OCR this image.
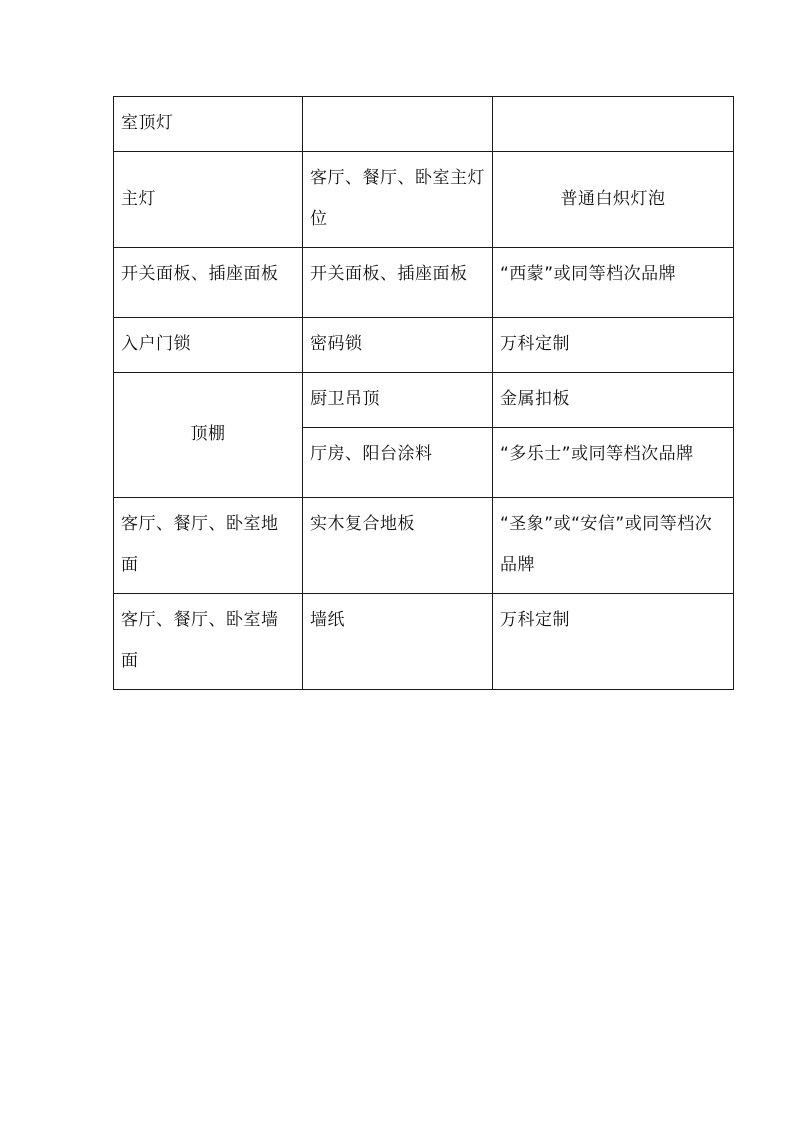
室顶灯		

主灯	客厅、餐厅、卧室主灯位	普通白炽灯泡

开关面板、插座面板	开关面板、插座面板	“西蒙”或同等档次品牌

入户门锁	密码锁	万科定制

顶棚	厨卫吊顶	金属扣板

	厅房、阳台涂料	“多乐士”或同等档次品牌

客厅、餐厅、卧室地面	实木复合地板	“圣象”或“安信”或同等档次品牌

客厅、餐厅、卧室墙面	墙纸	万科定制
